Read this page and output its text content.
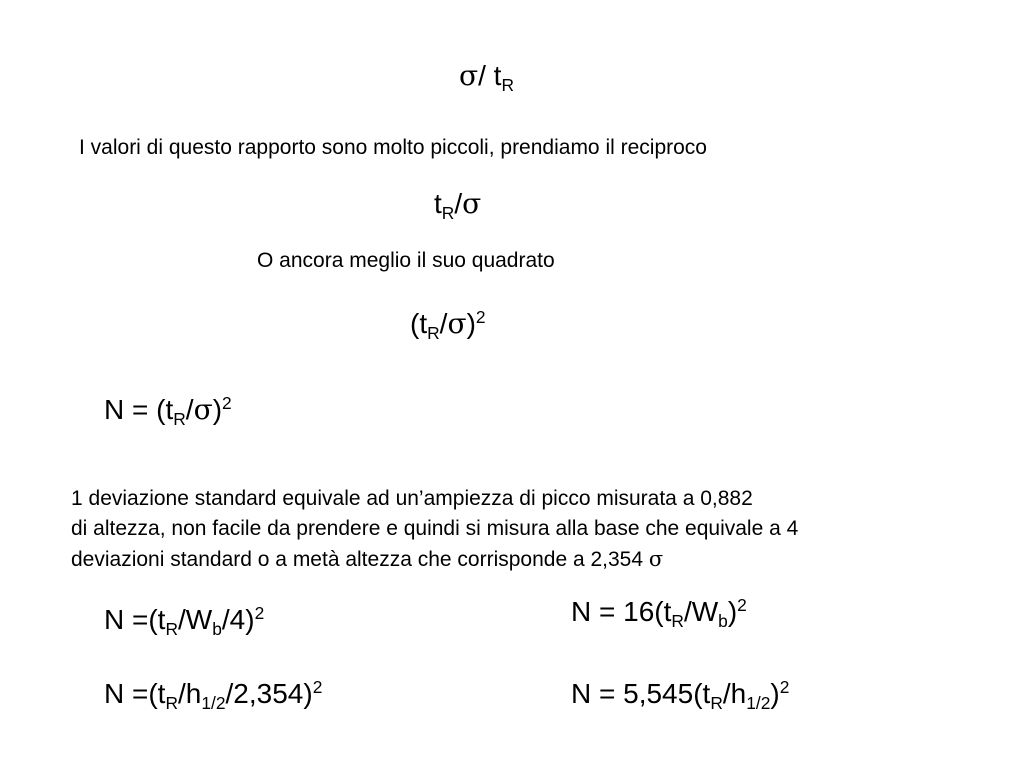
σ/ $t_R$
I valori di questo rapporto sono molto piccoli, prendiamo il reciproco
$t_R/\sigma$
O ancora meglio il suo quadrato
$(t_R/\sigma)^2$
$N = (t_R/\sigma)^2$
1 deviazione standard equivale ad un’ampiezza di picco misurata a 0,882
di altezza, non facile da prendere e quindi si misura alla base che equivale a 4
deviazioni standard o a metà altezza che corrisponde a 2,354 σ
$N =(t_R/W_b/4)^2$	$N = 16(t_R/W_b)^2$
$N =(t_R/h_{1/2}/2,354)^2$	$N = 5,545(t_R/h_{1/2})^2$
